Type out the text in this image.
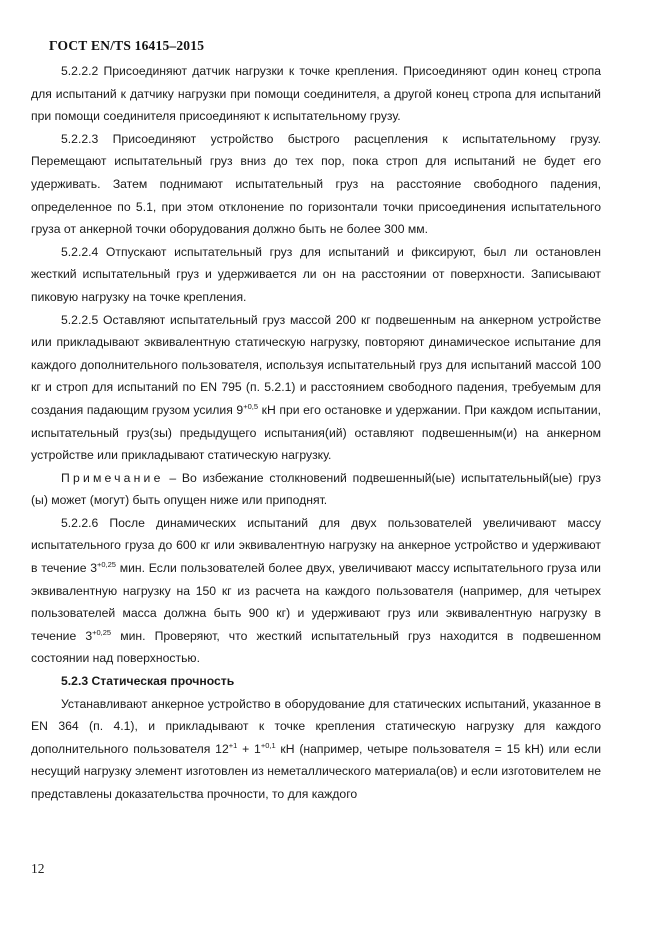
ГОСТ EN/TS 16415–2015

5.2.2.2 Присоединяют датчик нагрузки к точке крепления. Присоединяют один конец стропа для испытаний к датчику нагрузки при помощи соединителя, а другой конец стропа для испытаний при помощи соединителя присоединяют к испытательному грузу.

5.2.2.3 Присоединяют устройство быстрого расцепления к испытательному грузу. Перемещают испытательный груз вниз до тех пор, пока строп для испытаний не будет его удерживать. Затем поднимают испытательный груз на расстояние свободного падения, определенное по 5.1, при этом отклонение по горизонтали точки присоединения испытательного груза от анкерной точки оборудования должно быть не более 300 мм.

5.2.2.4 Отпускают испытательный груз для испытаний и фиксируют, был ли остановлен жесткий испытательный груз и удерживается ли он на расстоянии от поверхности. Записывают пиковую нагрузку на точке крепления.

5.2.2.5 Оставляют испытательный груз массой 200 кг подвешенным на анкерном устройстве или прикладывают эквивалентную статическую нагрузку, повторяют динамическое испытание для каждого дополнительного пользователя, используя испытательный груз для испытаний массой 100 кг и строп для испытаний по EN 795 (п. 5.2.1) и расстоянием свободного падения, требуемым для создания падающим грузом усилия $9^{+0,5}$ кН при его остановке и удержании. При каждом испытании, испытательный груз(зы) предыдущего испытания(ий) оставляют подвешенным(и) на анкерном устройстве или прикладывают статическую нагрузку.

Примечание – Во избежание столкновений подвешенный(ые) испытательный(ые) груз (ы) может (могут) быть опущен ниже или приподнят.

5.2.2.6 После динамических испытаний для двух пользователей увеличивают массу испытательного груза до 600 кг или эквивалентную нагрузку на анкерное устройство и удерживают в течение $3^{+0,25}$ мин. Если пользователей более двух, увеличивают массу испытательного груза или эквивалентную нагрузку на 150 кг из расчета на каждого пользователя (например, для четырех пользователей масса должна быть 900 кг) и удерживают груз или эквивалентную нагрузку в течение $3^{+0,25}$ мин. Проверяют, что жесткий испытательный груз находится в подвешенном состоянии над поверхностью.

5.2.3 Статическая прочность

Устанавливают анкерное устройство в оборудование для статических испытаний, указанное в EN 364 (п. 4.1), и прикладывают к точке крепления статическую нагрузку для каждого дополнительного пользователя $12^{+1} + 1^{+0,1}$ кН (например, четыре пользователя = 15 kH) или если несущий нагрузку элемент изготовлен из неметаллического материала(ов) и если изготовителем не представлены доказательства прочности, то для каждого

12
